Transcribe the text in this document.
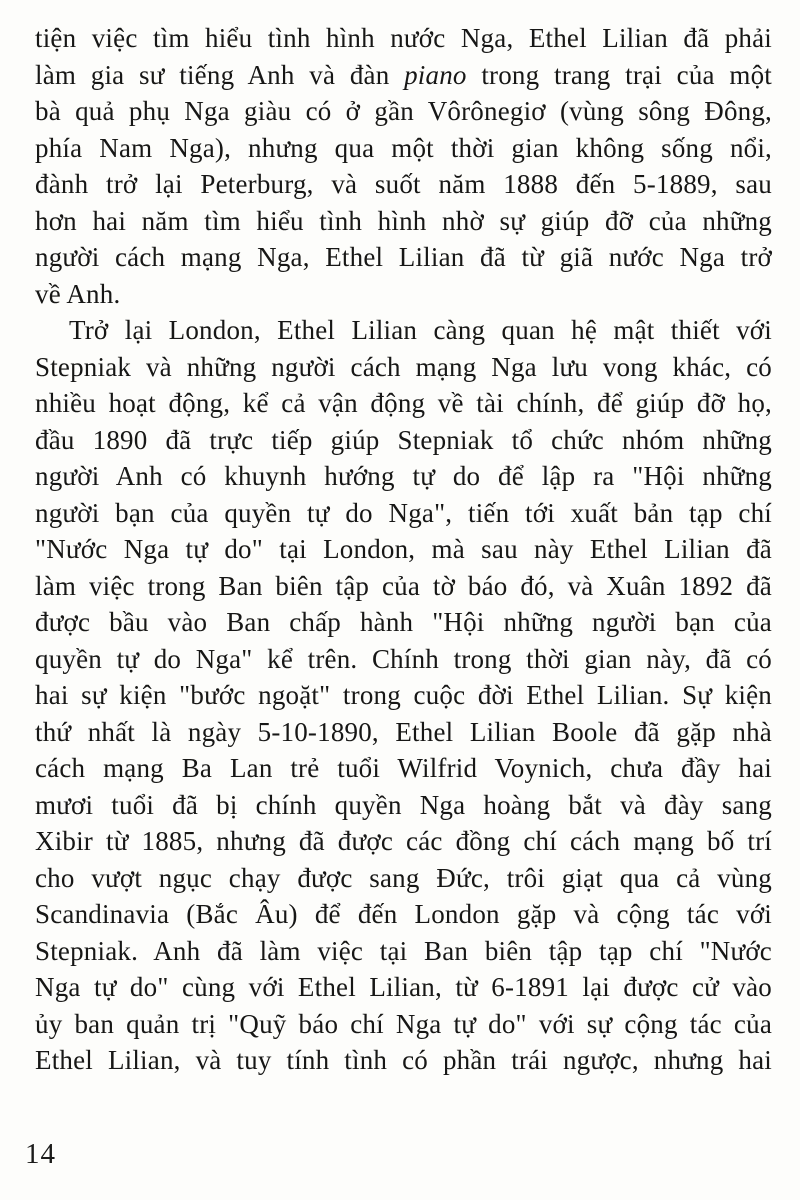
tiện việc tìm hiểu tình hình nước Nga, Ethel Lilian đã phải
làm gia sư tiếng Anh và đàn piano trong trang trại của một
bà quả phụ Nga giàu có ở gần Vôrônegiơ (vùng sông Đông,
phía Nam Nga), nhưng qua một thời gian không sống nổi,
đành trở lại Peterburg, và suốt năm 1888 đến 5-1889, sau
hơn hai năm tìm hiểu tình hình nhờ sự giúp đỡ của những
người cách mạng Nga, Ethel Lilian đã từ giã nước Nga trở
về Anh.
Trở lại London, Ethel Lilian càng quan hệ mật thiết với
Stepniak và những người cách mạng Nga lưu vong khác, có
nhiều hoạt động, kể cả vận động về tài chính, để giúp đỡ họ,
đầu 1890 đã trực tiếp giúp Stepniak tổ chức nhóm những
người Anh có khuynh hướng tự do để lập ra "Hội những
người bạn của quyền tự do Nga", tiến tới xuất bản tạp chí
"Nước Nga tự do" tại London, mà sau này Ethel Lilian đã
làm việc trong Ban biên tập của tờ báo đó, và Xuân 1892 đã
được bầu vào Ban chấp hành "Hội những người bạn của
quyền tự do Nga" kể trên. Chính trong thời gian này, đã có
hai sự kiện "bước ngoặt" trong cuộc đời Ethel Lilian. Sự kiện
thứ nhất là ngày 5-10-1890, Ethel Lilian Boole đã gặp nhà
cách mạng Ba Lan trẻ tuổi Wilfrid Voynich, chưa đầy hai
mươi tuổi đã bị chính quyền Nga hoàng bắt và đày sang
Xibir từ 1885, nhưng đã được các đồng chí cách mạng bố trí
cho vượt ngục chạy được sang Đức, trôi giạt qua cả vùng
Scandinavia (Bắc Âu) để đến London gặp và cộng tác với
Stepniak. Anh đã làm việc tại Ban biên tập tạp chí "Nước
Nga tự do" cùng với Ethel Lilian, từ 6-1891 lại được cử vào
ủy ban quản trị "Quỹ báo chí Nga tự do" với sự cộng tác của
Ethel Lilian, và tuy tính tình có phần trái ngược, nhưng hai
14
